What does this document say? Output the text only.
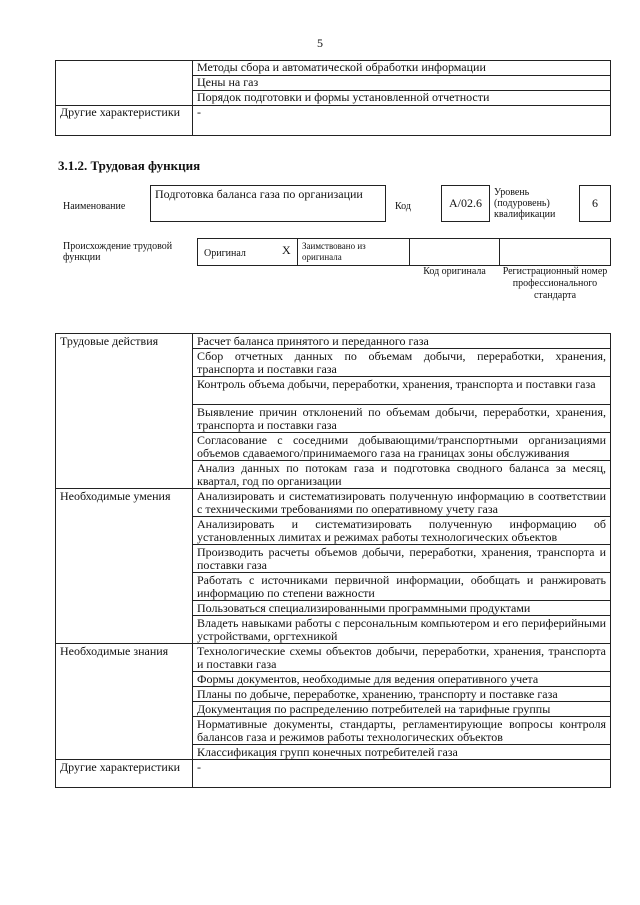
5
	Методы сбора и автоматической обработки информации
	Цены на газ
	Порядок подготовки и формы установленной отчетности
Другие характеристики	-
3.1.2. Трудовая функция
Наименование
Подготовка баланса газа по организации
Код	A/02.6
Уровень (подуровень) квалификации
6
Происхождение трудовой функции	Оригинал	X Заимствовано из оригинала
Код оригинала	Регистрационный номер профессионального стандарта
Трудовые действия	Расчет баланса принятого и переданного газа
	Сбор отчетных данных по объемам добычи, переработки, хранения, транспорта и поставки газа
	Контроль объема добычи, переработки, хранения, транспорта и поставки газа
	Выявление причин отклонений по объемам добычи, переработки, хранения, транспорта и поставки газа
	Согласование с соседними добывающими/транспортными организациями объемов сдаваемого/принимаемого газа на границах зоны обслуживания
	Анализ данных по потокам газа и подготовка сводного баланса за месяц, квартал, год по организации
Необходимые умения	Анализировать и систематизировать полученную информацию в соответствии с техническими требованиями по оперативному учету газа
	Анализировать и систематизировать полученную информацию об установленных лимитах и режимах работы технологических объектов
	Производить расчеты объемов добычи, переработки, хранения, транспорта и поставки газа
	Работать с источниками первичной информации, обобщать и ранжировать информацию по степени важности
	Пользоваться специализированными программными продуктами
	Владеть навыками работы с персональным компьютером и его периферийными устройствами, оргтехникой
Необходимые знания	Технологические схемы объектов добычи, переработки, хранения, транспорта и поставки газа
	Формы документов, необходимые для ведения оперативного учета
	Планы по добыче, переработке, хранению, транспорту и поставке газа
	Документация по распределению потребителей на тарифные группы
	Нормативные документы, стандарты, регламентирующие вопросы контроля балансов газа и режимов работы технологических объектов
	Классификация групп конечных потребителей газа
Другие характеристики	-
